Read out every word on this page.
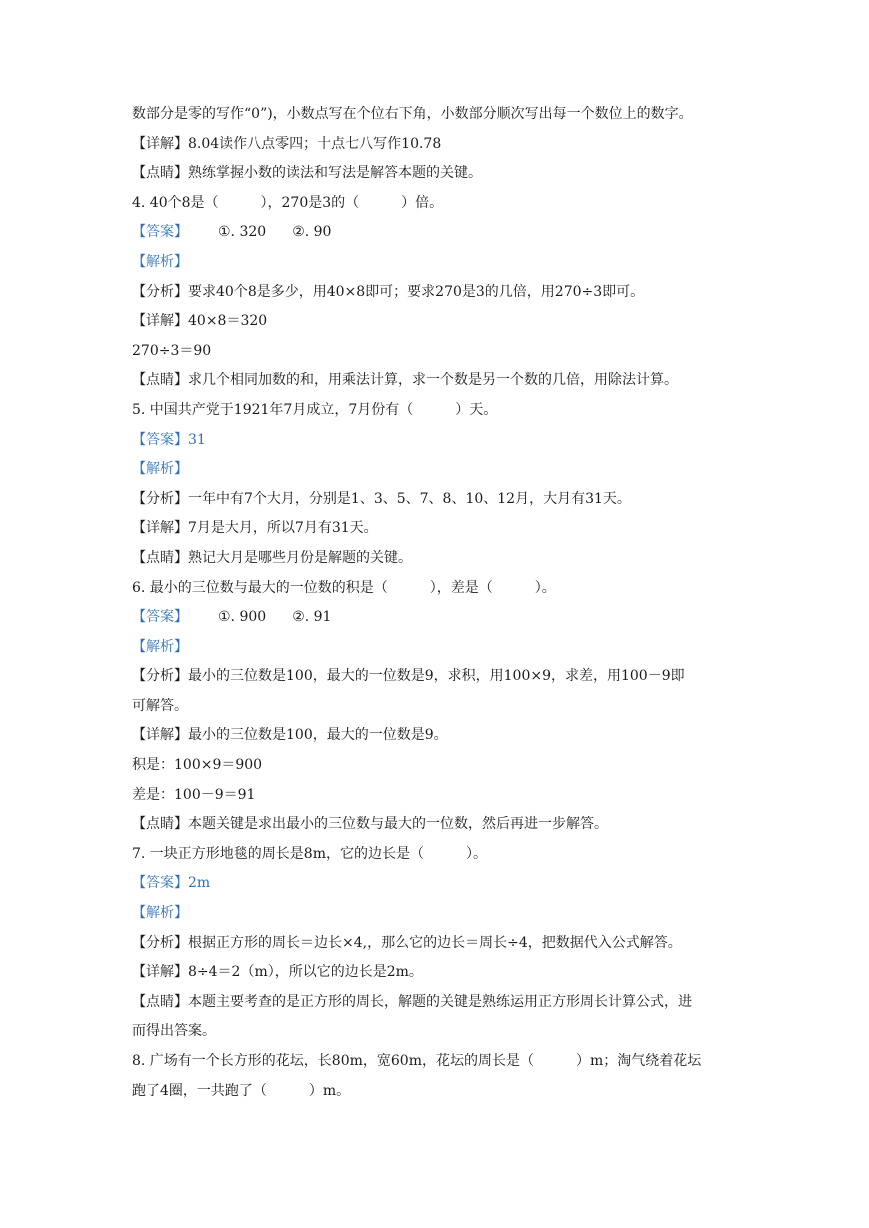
数部分是零的写作“0”)，小数点写在个位右下角，小数部分顺次写出每一个数位上的数字。
【详解】8.04读作八点零四；十点七八写作10.78
【点睛】熟练掌握小数的读法和写法是解答本题的关键。
4. 40个8是（　　　），270是3的（　　　）倍。
【答案】 ①. 320 ②. 90
【解析】
【分析】要求40个8是多少，用40×8即可；要求270是3的几倍，用270÷3即可。
【详解】40×8＝320
270÷3＝90
【点睛】求几个相同加数的和，用乘法计算，求一个数是另一个数的几倍，用除法计算。
5. 中国共产党于1921年7月成立，7月份有（　　　）天。
【答案】31
【解析】
【分析】一年中有7个大月，分别是1、3、5、7、8、10、12月，大月有31天。
【详解】7月是大月，所以7月有31天。
【点睛】熟记大月是哪些月份是解题的关键。
6. 最小的三位数与最大的一位数的积是（　　　），差是（　　　）。
【答案】 ①. 900 ②. 91
【解析】
【分析】最小的三位数是100，最大的一位数是9，求积，用100×9，求差，用100－9即
可解答。
【详解】最小的三位数是100，最大的一位数是9。
积是：100×9＝900
差是：100－9＝91
【点睛】本题关键是求出最小的三位数与最大的一位数，然后再进一步解答。
7. 一块正方形地毯的周长是8m，它的边长是（　　　）。
【答案】2m
【解析】
【分析】根据正方形的周长＝边长×4,，那么它的边长＝周长÷4，把数据代入公式解答。
【详解】8÷4＝2（m），所以它的边长是2m。
【点睛】本题主要考查的是正方形的周长，解题的关键是熟练运用正方形周长计算公式，进
而得出答案。
8. 广场有一个长方形的花坛，长80m，宽60m，花坛的周长是（　　　）m；淘气绕着花坛
跑了4圈，一共跑了（　　　）m。
